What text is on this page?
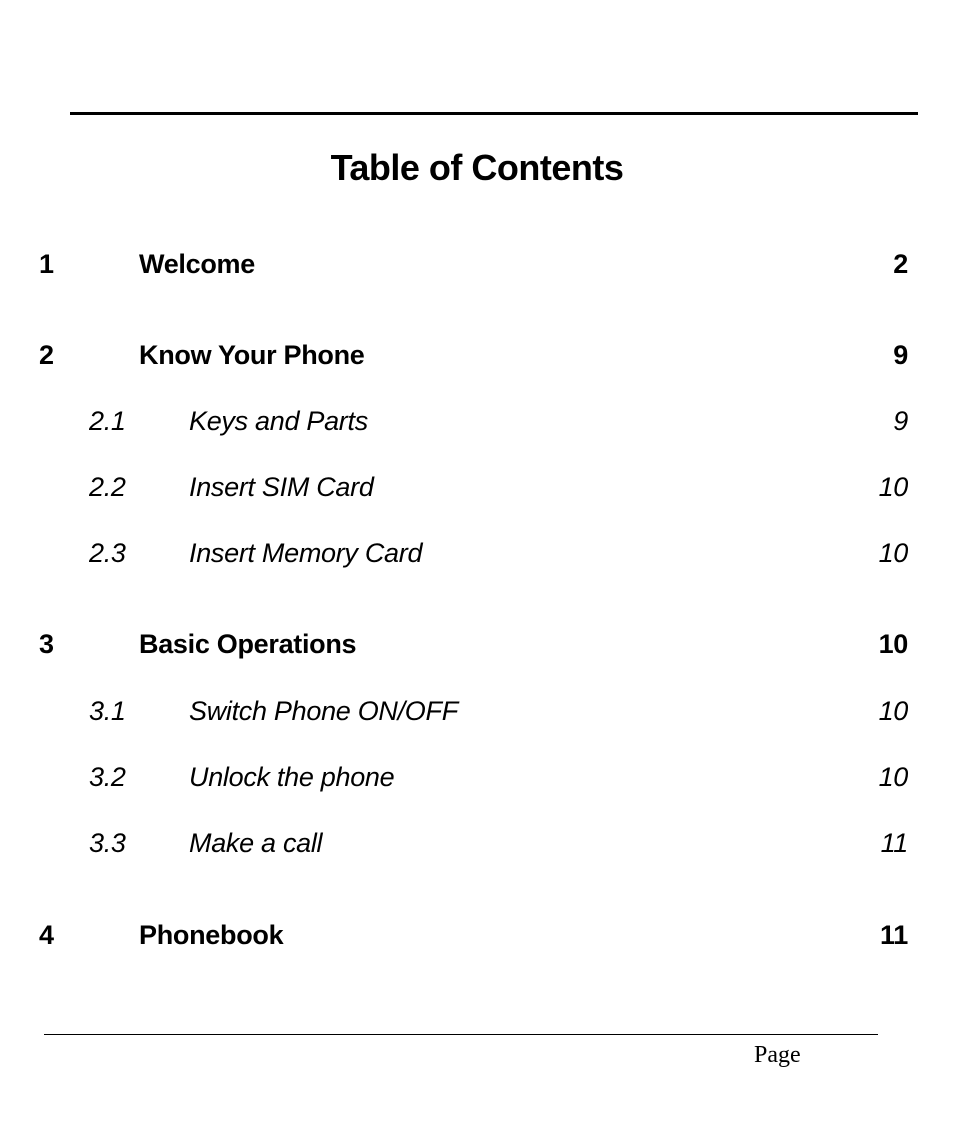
Table of Contents
1	Welcome	2
2	Know Your Phone	9
2.1	Keys and Parts	9
2.2	Insert SIM Card	10
2.3	Insert Memory Card	10
3	Basic Operations	10
3.1	Switch Phone ON/OFF	10
3.2	Unlock the phone	10
3.3	Make a call	11
4	Phonebook	11
Page
